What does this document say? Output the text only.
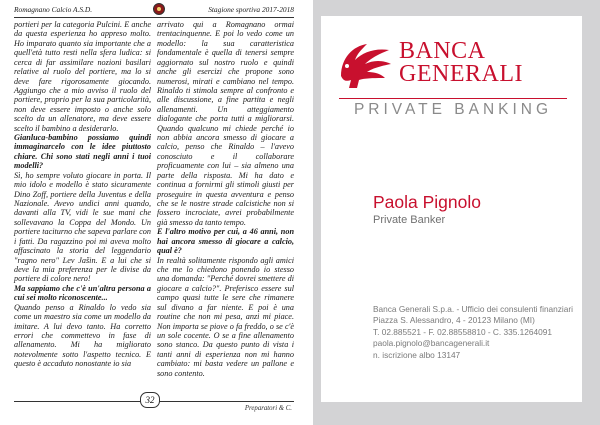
Romagnano Calcio A.S.D.	Stagione sportiva 2017-2018

portieri per la categoria Pulcini. E anche da questa esperienza ho appreso molto. Ho imparato quanto sia importante che a quell'età tutto resti nella sfera ludica: si cerca di far assimilare nozioni basilari relative al ruolo del portiere, ma lo si deve fare rigorosamente giocando. Aggiungo che a mio avviso il ruolo del portiere, proprio per la sua particolarità, non deve essere imposto o anche solo scelto da un allenatore, ma deve essere scelto il bambino a desiderarlo.

Gianluca-bambino possiamo quindi immaginarcelo con le idee piuttosto chiare. Chi sono stati negli anni i tuoi modelli?

Sì, ho sempre voluto giocare in porta. Il mio idolo e modello è stato sicuramente Dino Zoff, portiere della Juventus e della Nazionale. Avevo undici anni quando, davanti alla TV, vidi le sue mani che sollevavano la Coppa del Mondo. Un portiere taciturno che sapeva parlare con i fatti. Da ragazzino poi mi aveva molto affascinato la storia del leggendario "ragno nero" Lev Jašin. E a lui che si deve la mia preferenza per le divise da portiere di colore nero!

Ma sappiamo che c'è un'altra persona a cui sei molto riconoscente...

Quando penso a Rinaldo lo vedo sia come un maestro sia come un modello da imitare. A lui devo tanto. Ha corretto errori che commettevo in fase di allenamento. Mi ha migliorato notevolmente sotto l'aspetto tecnico. E questo è accaduto nonostante io sia

arrivato qui a Romagnano ormai trentacinquenne. E poi lo vedo come un modello: la sua caratteristica fondamentale è quella di tenersi sempre aggiornato sul nostro ruolo e quindi anche gli esercizi che propone sono numerosi, mirati e cambiano nel tempo. Rinaldo ti stimola sempre al confronto e alle discussione, a fine partita e negli allenamenti. Un atteggiamento dialogante che porta tutti a migliorarsi. Quando qualcuno mi chiede perché io non abbia ancora smesso di giocare a calcio, penso che Rinaldo – l'avevo conosciuto e il collaborare proficuamente con lui – sia almeno una parte della risposta. Mi ha dato e continua a fornirmi gli stimoli giusti per proseguire in questa avventura e penso che se le nostre strade calcistiche non si fossero incrociate, avrei probabilmente già smesso da tanto tempo.

E l'altro motivo per cui, a 46 anni, non hai ancora smesso di giocare a calcio, qual è?

In realtà solitamente rispondo agli amici che me lo chiedono ponendo io stesso una domanda: "Perché dovrei smettere di giocare a calcio?". Preferisco essere sul campo quasi tutte le sere che rimanere sul divano a far niente. E poi è una routine che non mi pesa, anzi mi piace. Non importa se piove o fa freddo, o se c'è un sole cocente. O se a fine allenamento sono stanco. Da questo punto di vista i tanti anni di esperienza non mi hanno cambiato: mi basta vedere un pallone e sono contento.

32
Preparatori & C.
BANCA
GENERALI
PRIVATE BANKING
Paola Pignolo
Private Banker
Banca Generali S.p.a. - Ufficio dei consulenti finanziari
Piazza S. Alessandro, 4 - 20123 Milano (MI)
T. 02.885521 - F. 02.88558810 - C. 335.1264091
paola.pignolo@bancagenerali.it
n. iscrizione albo 13147
